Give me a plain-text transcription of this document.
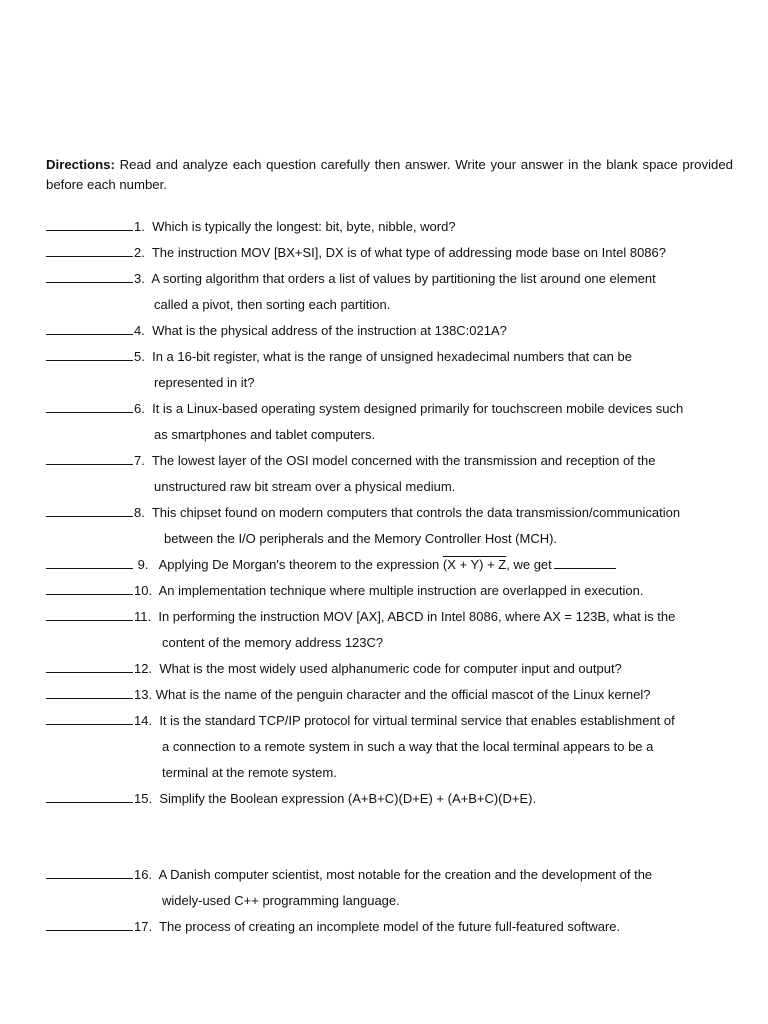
Directions: Read and analyze each question carefully then answer. Write your answer in the blank space provided before each number.
1. Which is typically the longest: bit, byte, nibble, word?
2. The instruction MOV [BX+SI], DX is of what type of addressing mode base on Intel 8086?
3. A sorting algorithm that orders a list of values by partitioning the list around one element
called a pivot, then sorting each partition.
4. What is the physical address of the instruction at 138C:021A?
5. In a 16-bit register, what is the range of unsigned hexadecimal numbers that can be
represented in it?
6. It is a Linux-based operating system designed primarily for touchscreen mobile devices such
as smartphones and tablet computers.
7. The lowest layer of the OSI model concerned with the transmission and reception of the
unstructured raw bit stream over a physical medium.
8. This chipset found on modern computers that controls the data transmission/communication
between the I/O peripherals and the Memory Controller Host (MCH).
9. Applying De Morgan's theorem to the expression (X + Y) + Z, we get
10. An implementation technique where multiple instruction are overlapped in execution.
11. In performing the instruction MOV [AX], ABCD in Intel 8086, where AX = 123B, what is the
content of the memory address 123C?
12. What is the most widely used alphanumeric code for computer input and output?
13. What is the name of the penguin character and the official mascot of the Linux kernel?
14. It is the standard TCP/IP protocol for virtual terminal service that enables establishment of
a connection to a remote system in such a way that the local terminal appears to be a
terminal at the remote system.
15. Simplify the Boolean expression (A+B+C)(D+E) + (A+B+C)(D+E).
16. A Danish computer scientist, most notable for the creation and the development of the
widely-used C++ programming language.
17. The process of creating an incomplete model of the future full-featured software.
